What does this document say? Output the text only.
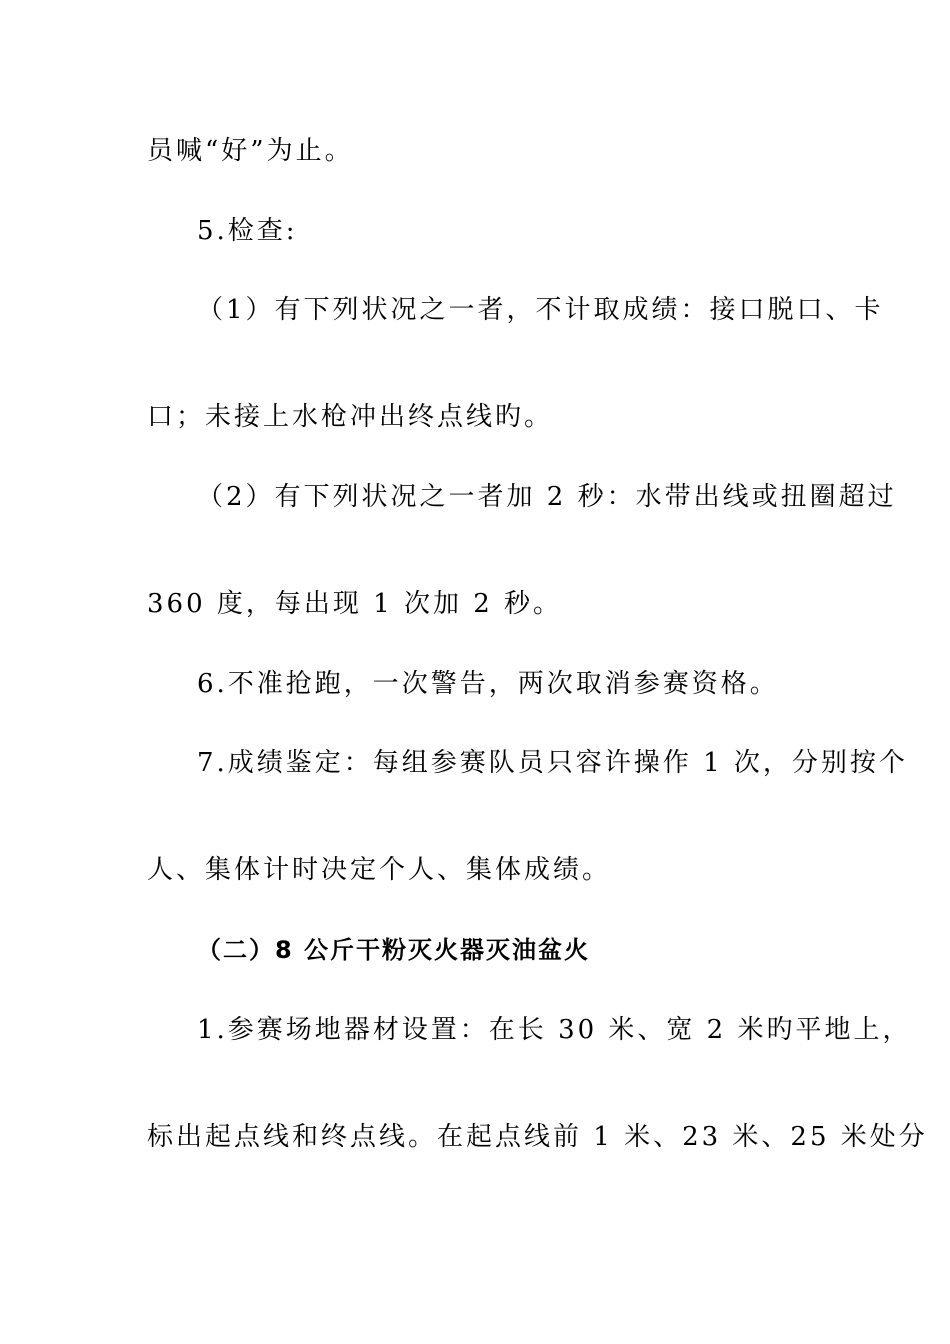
员喊“好”为止。
5.检查:
（1）有下列状况之一者，不计取成绩：接口脱口、卡
口；未接上水枪冲出终点线旳。
（2）有下列状况之一者加 2 秒：水带出线或扭圈超过
360 度，每出现 1 次加 2 秒。
6.不准抢跑，一次警告，两次取消参赛资格。
7.成绩鉴定：每组参赛队员只容许操作 1 次，分别按个
人、集体计时决定个人、集体成绩。
（二）8 公斤干粉灭火器灭油盆火
1.参赛场地器材设置：在长 30 米、宽 2 米旳平地上，
标出起点线和终点线。在起点线前 1 米、23 米、25 米处分
